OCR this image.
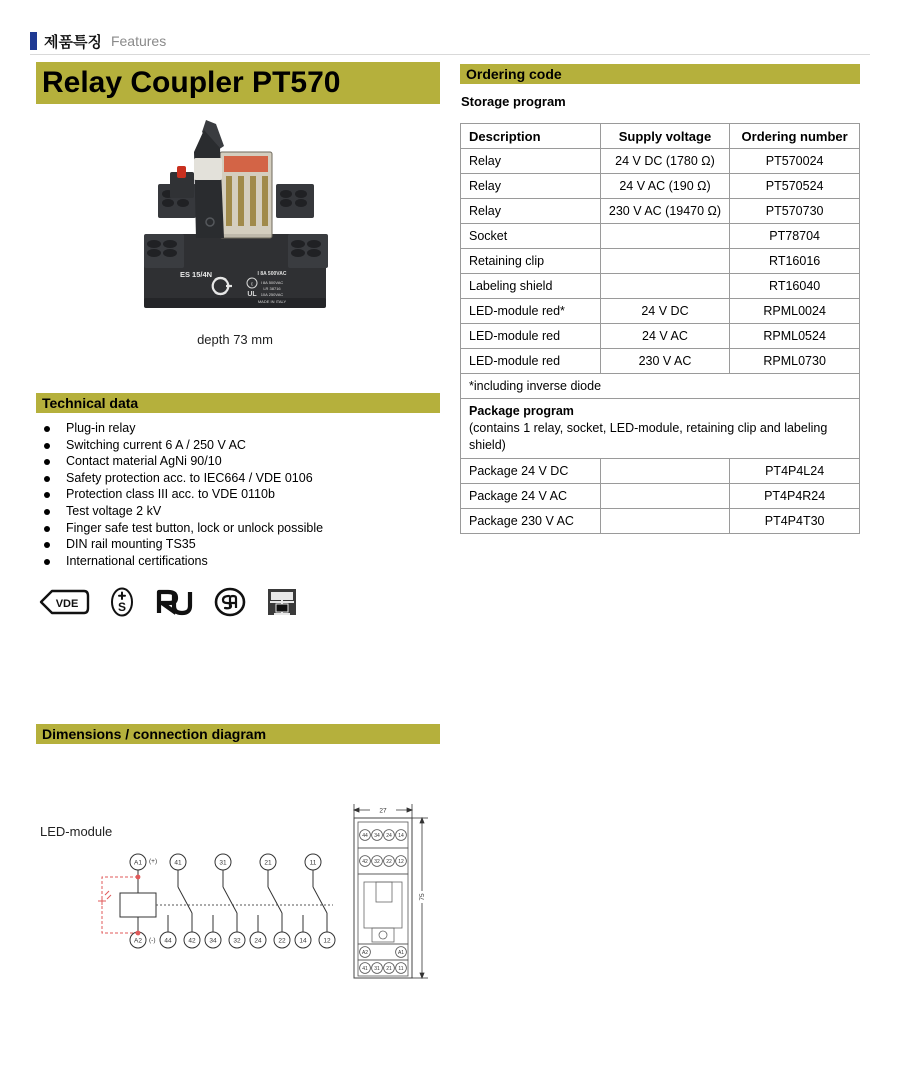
제품특징 Features
Relay Coupler PT570
ES 15/4N	I 8A 500VAC
I 8A 500VAC
LR 38716
10A 250VAC
MADE IN ITALY
c
UL
depth 73 mm
Ordering code
Storage program
Description	Supply voltage	Ordering number
Relay	24 V DC (1780 Ω)	PT570024
Relay	24 V AC (190 Ω)	PT570524
Relay	230 V AC (19470 Ω)	PT570730
Socket		PT78704
Retaining clip		RT16016
Labeling shield		RT16040
LED-module red*	24 V DC	RPML0024
LED-module red	24 V AC	RPML0524
LED-module red	230 V AC	RPML0730
*including inverse diode		
Package program
(contains 1 relay, socket, LED-module, retaining clip and labeling shield)		
Package 24 V DC		PT4P4L24
Package 24 V AC		PT4P4R24
Package 230 V AC		PT4P4T30
Technical data
Plug-in relay
Switching current 6 A / 250 V AC
Contact material AgNi 90/10
Safety protection acc. to IEC664 / VDE 0106
Protection class III acc. to VDE 0110b
Test voltage 2 kV
Finger safe test button, lock or unlock possible
DIN rail mounting TS35
International certifications
VDE	S
Dimensions / connection diagram
LED-module
A1
A2
41	31	21	11
44	42 34	32 24	22 14	12
(+)
(-)
27
44 34 24 14
42 32 22 12
A2	A1
41 31 21 11
75
